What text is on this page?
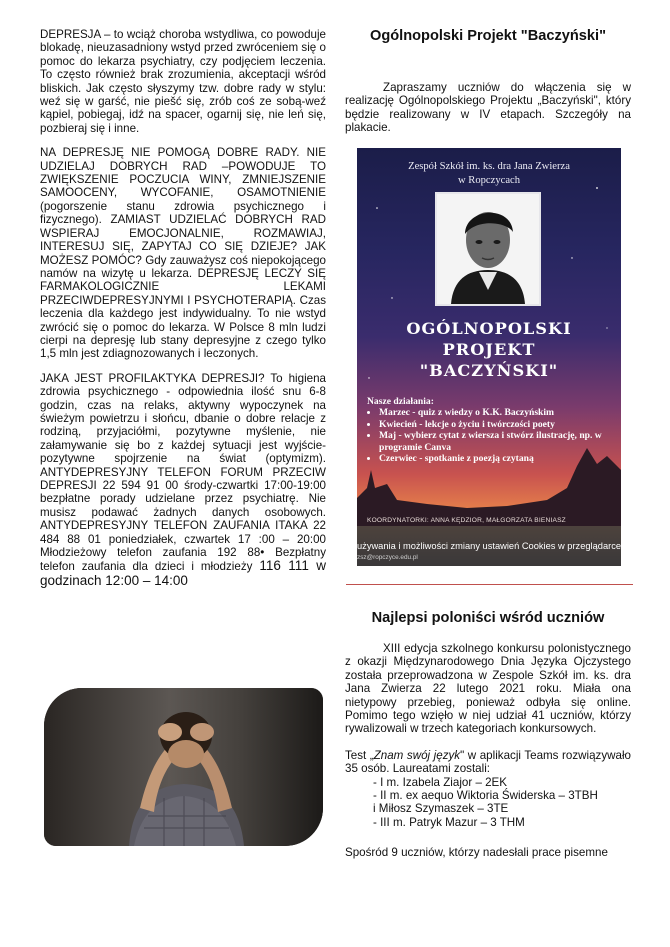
DEPRESJA – to wciąż choroba wstydliwa, co powoduje blokadę, nieuzasadniony wstyd przed zwróceniem się o pomoc do lekarza psychiatry, czy podjęciem leczenia. To często również brak zrozumienia, akceptacji wśród bliskich. Jak często słyszymy tzw. dobre rady w stylu: weź się w garść, nie piešć się, zrób coś ze sobą-weź kąpiel, pobiegaj, idź na spacer, ogarnij się, nie leń się, pozbieraj się i inne.

NA DEPRESJĘ NIE POMOGĄ DOBRE RADY. NIE UDZIELAJ DOBRYCH RAD –POWODUJE TO ZWIĘKSZENIE POCZUCIA WINY, ZMNIEJSZENIE SAMOOCENY, WYCOFANIE, OSAMOTNIENIE (pogorszenie stanu zdrowia psychicznego i fizycznego). ZAMIAST UDZIELAĆ DOBRYCH RAD WSPIERAJ EMOCJONALNIE, ROZMAWIAJ, INTERESUJ SIĘ, ZAPYTAJ CO SIĘ DZIEJE? JAK MOŻESZ POMÓC? Gdy zauważysz coś niepokojącego namów na wizytę u lekarza. DEPRESJĘ LECZY SIĘ FARMAKOLOGICZNIE LEKAMI PRZECIWDEPRESYJNYMI I PSYCHOTERAPIĄ. Czas leczenia dla każdego jest indywidualny. To nie wstyd zwrócić się o pomoc do lekarza. W Polsce 8 mln ludzi cierpi na depresję lub stany depresyjne z czego tylko 1,5 mln jest zdiagnozowanych i leczonych.

JAKA JEST PROFILAKTYKA DEPRESJI? To higiena zdrowia psychicznego - odpowiednia ilość snu 6-8 godzin, czas na relaks, aktywny wypoczynek na świeżym powietrzu i słońcu, dbanie o dobre relacje z rodziną, przyjaciółmi, pozytywne myślenie, nie załamywanie się bo z każdej sytuacji jest wyjście-pozytywne spojrzenie na świat (optymizm). ANTYDEPRESYJNY TELEFON FORUM PRZECIW DEPRESJI 22 594 91 00 środy-czwartki 17:00-19:00 bezpłatne porady udzielane przez psychiatrę. Nie musisz podawać żadnych danych osobowych. ANTYDEPRESYJNY TELEFON ZAUFANIA ITAKA 22 484 88 01 poniedziałek, czwartek 17 :00 – 20:00 Młodzieżowy telefon zaufania 192 88• Bezpłatny telefon zaufania dla dzieci i młodzieży 116 111 w godzinach 12:00 – 14:00

Ogólnopolski Projekt "Baczyński"

Zapraszamy uczniów do włączenia się w realizację Ogólnopolskiego Projektu „Baczyński", który będzie realizowany w IV etapach. Szczegóły na plakacie.

Zespół Szkół im. ks. dra Jana Zwierza
w Ropczycach
OGÓLNOPOLSKI
PROJEKT
"BACZYŃSKI"
Nasze działania:
• Marzec - quiz z wiedzy o K.K. Baczyńskim
• Kwiecień - lekcje o życiu i twórczości poety
• Maj - wybierz cytat z wiersza i stwórz ilustrację, np. w programie Canva
• Czerwiec - spotkanie z poezją czytaną
KOORDYNATORKI: ANNA KĘDZIOR, MAŁGORZATA BIENIASZ
używania i możliwości zmiany ustawień Cookies w przeglądarce
zsz@ropczyce.edu.pl
Najlepsi poloniści wśród uczniów

XIII edycja szkolnego konkursu polonistycznego z okazji Międzynarodowego Dnia Języka Ojczystego została przeprowadzona w Zespole Szkół im. ks. dra Jana Zwierza 22 lutego 2021 roku. Miała ona nietypowy przebieg, ponieważ odbyła się online. Pomimo tego wzięło w niej udział 41 uczniów, którzy rywalizowali w trzech kategoriach konkursowych.

Test „Znam swój język" w aplikacji Teams rozwiązywało 35 osób. Laureatami zostali:

- I m. Izabela Ziajor – 2EK
- II m. ex aequo Wiktoria Świderska – 3TBH
i Miłosz Szymaszek – 3TE
- III m. Patryk Mazur – 3 THM

Spośród 9 uczniów, którzy nadesłali prace pisemne
